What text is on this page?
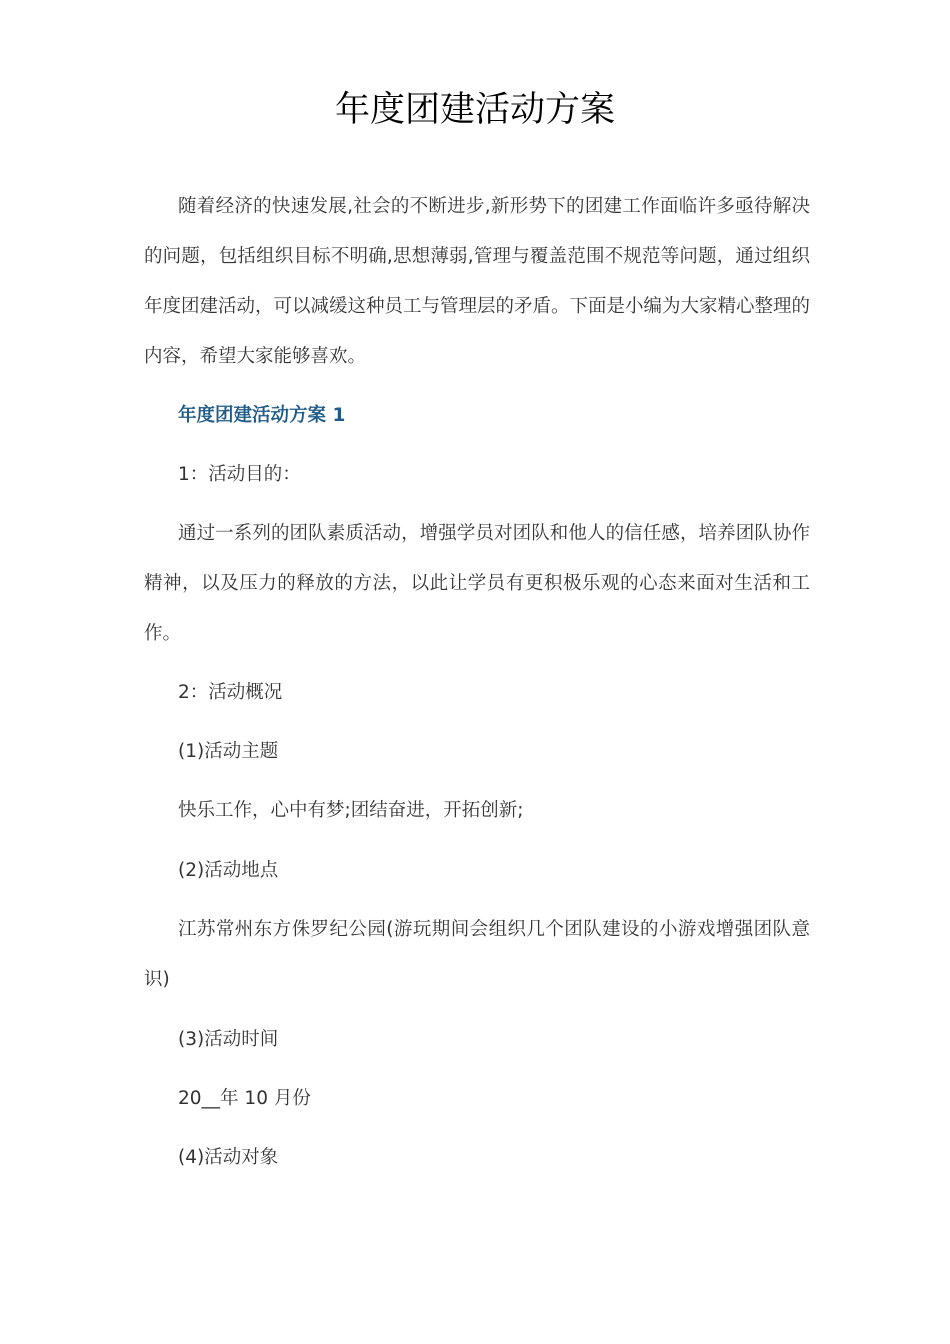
年度团建活动方案

随着经济的快速发展,社会的不断进步,新形势下的团建工作面临许多亟待解决的问题，包括组织目标不明确,思想薄弱,管理与覆盖范围不规范等问题，通过组织年度团建活动，可以减缓这种员工与管理层的矛盾。下面是小编为大家精心整理的内容，希望大家能够喜欢。

年度团建活动方案 1

1：活动目的：

通过一系列的团队素质活动，增强学员对团队和他人的信任感，培养团队协作精神，以及压力的释放的方法，以此让学员有更积极乐观的心态来面对生活和工作。

2：活动概况

(1)活动主题

快乐工作，心中有梦;团结奋进，开拓创新;

(2)活动地点

江苏常州东方侏罗纪公园(游玩期间会组织几个团队建设的小游戏增强团队意识)

(3)活动时间

20__年 10 月份

(4)活动对象
